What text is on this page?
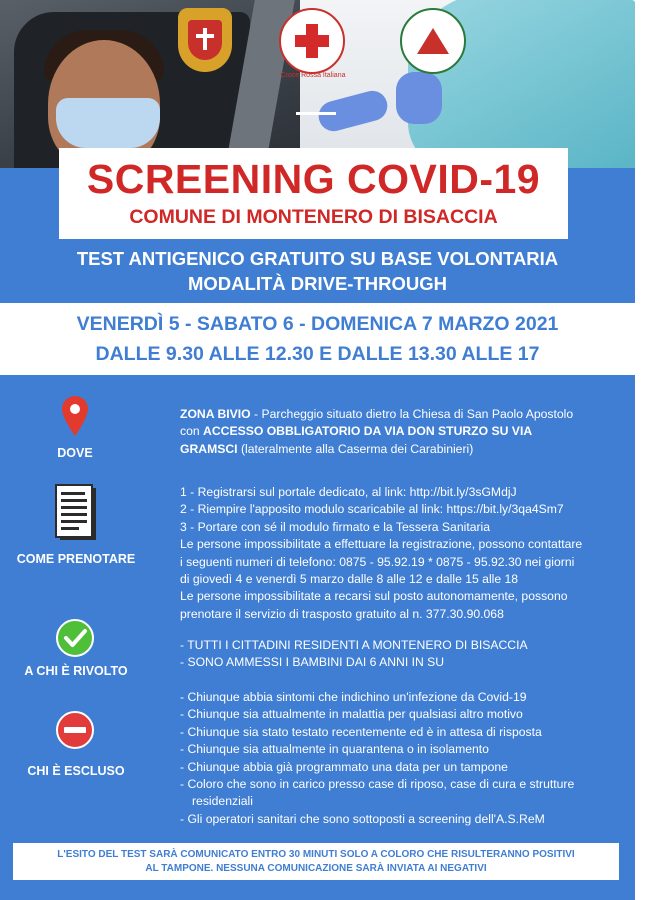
Croce Rossa Italiana
SCREENING COVID-19
COMUNE DI MONTENERO DI BISACCIA
TEST ANTIGENICO GRATUITO SU BASE VOLONTARIA
MODALITÀ DRIVE-THROUGH
VENERDÌ 5 - SABATO 6 - DOMENICA 7 MARZO 2021
DALLE 9.30 ALLE 12.30 E DALLE 13.30 ALLE 17
DOVE
ZONA BIVIO - Parcheggio situato dietro la Chiesa di San Paolo Apostolo
con ACCESSO OBBLIGATORIO DA VIA DON STURZO SU VIA
GRAMSCI (lateralmente alla Caserma dei Carabinieri)
COME PRENOTARE
1 - Registrarsi sul portale dedicato, al link: http://bit.ly/3sGMdjJ
2 - Riempire l'apposito modulo scaricabile al link: https://bit.ly/3qa4Sm7
3 - Portare con sé il modulo firmato e la Tessera Sanitaria
Le persone impossibilitate a effettuare la registrazione, possono contattare
i seguenti numeri di telefono: 0875 - 95.92.19 * 0875 - 95.92.30 nei giorni
di giovedì 4 e venerdì 5 marzo dalle 8 alle 12 e dalle 15 alle 18
Le persone impossibilitate a recarsi sul posto autonomamente, possono
prenotare il servizio di trasposto gratuito al n. 377.30.90.068
A CHI È RIVOLTO
- TUTTI I CITTADINI RESIDENTI A MONTENERO DI BISACCIA
- SONO AMMESSI I BAMBINI DAI 6 ANNI IN SU
CHI È ESCLUSO
- Chiunque abbia sintomi che indichino un'infezione da Covid-19
- Chiunque sia attualmente in malattia per qualsiasi altro motivo
- Chiunque sia stato testato recentemente ed è in attesa di risposta
- Chiunque sia attualmente in quarantena o in isolamento
- Chiunque abbia già programmato una data per un tampone
- Coloro che sono in carico presso case di riposo, case di cura e strutture
residenziali
- Gli operatori sanitari che sono sottoposti a screening dell'A.S.ReM
L'ESITO DEL TEST SARÀ COMUNICATO ENTRO 30 MINUTI SOLO A COLORO CHE RISULTERANNO POSITIVI
AL TAMPONE. NESSUNA COMUNICAZIONE SARÀ INVIATA AI NEGATIVI
